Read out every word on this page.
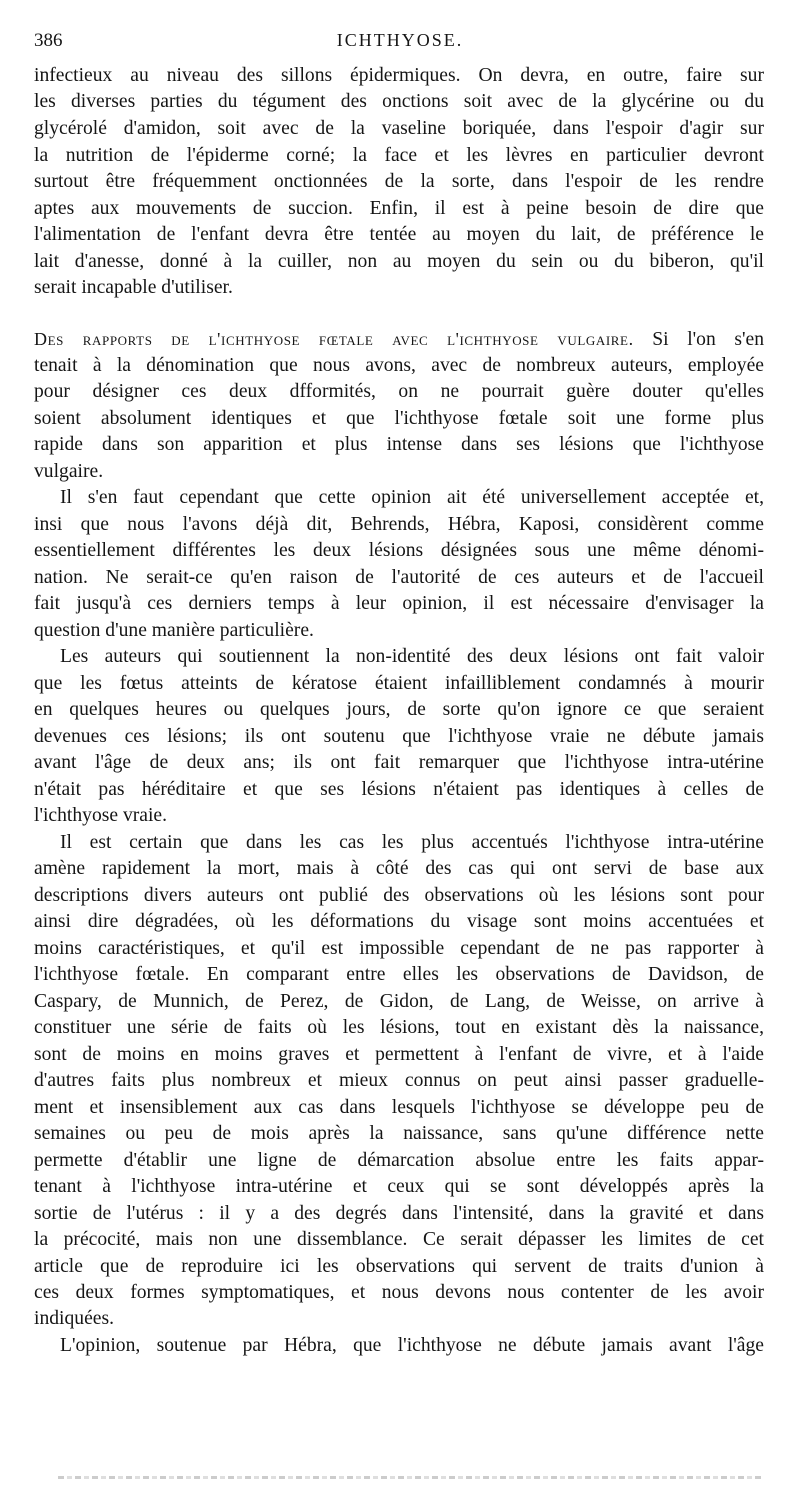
386	ICHTHYOSE.
infectieux au niveau des sillons épidermiques. On devra, en outre, faire sur
les diverses parties du tégument des onctions soit avec de la glycérine ou du
glycérolé d'amidon, soit avec de la vaseline boriquée, dans l'espoir d'agir sur
la nutrition de l'épiderme corné; la face et les lèvres en particulier devront
surtout être fréquemment onctionnées de la sorte, dans l'espoir de les rendre
aptes aux mouvements de succion. Enfin, il est à peine besoin de dire que
l'alimentation de l'enfant devra être tentée au moyen du lait, de préférence le
lait d'anesse, donné à la cuiller, non au moyen du sein ou du biberon, qu'il
serait incapable d'utiliser.
Des rapports de l'ichthyose fœtale avec l'ichthyose vulgaire. Si l'on s'en
tenait à la dénomination que nous avons, avec de nombreux auteurs, employée
pour désigner ces deux dfformités, on ne pourrait guère douter qu'elles
soient absolument identiques et que l'ichthyose fœtale soit une forme plus
rapide dans son apparition et plus intense dans ses lésions que l'ichthyose
vulgaire.
Il s'en faut cependant que cette opinion ait été universellement acceptée et,
insi que nous l'avons déjà dit, Behrends, Hébra, Kaposi, considèrent comme
essentiellement différentes les deux lésions désignées sous une même dénomi-
nation. Ne serait-ce qu'en raison de l'autorité de ces auteurs et de l'accueil
fait jusqu'à ces derniers temps à leur opinion, il est nécessaire d'envisager la
question d'une manière particulière.
Les auteurs qui soutiennent la non-identité des deux lésions ont fait valoir
que les fœtus atteints de kératose étaient infailliblement condamnés à mourir
en quelques heures ou quelques jours, de sorte qu'on ignore ce que seraient
devenues ces lésions; ils ont soutenu que l'ichthyose vraie ne débute jamais
avant l'âge de deux ans; ils ont fait remarquer que l'ichthyose intra-utérine
n'était pas héréditaire et que ses lésions n'étaient pas identiques à celles de
l'ichthyose vraie.
Il est certain que dans les cas les plus accentués l'ichthyose intra-utérine
amène rapidement la mort, mais à côté des cas qui ont servi de base aux
descriptions divers auteurs ont publié des observations où les lésions sont pour
ainsi dire dégradées, où les déformations du visage sont moins accentuées et
moins caractéristiques, et qu'il est impossible cependant de ne pas rapporter à
l'ichthyose fœtale. En comparant entre elles les observations de Davidson, de
Caspary, de Munnich, de Perez, de Gidon, de Lang, de Weisse, on arrive à
constituer une série de faits où les lésions, tout en existant dès la naissance,
sont de moins en moins graves et permettent à l'enfant de vivre, et à l'aide
d'autres faits plus nombreux et mieux connus on peut ainsi passer graduelle-
ment et insensiblement aux cas dans lesquels l'ichthyose se développe peu de
semaines ou peu de mois après la naissance, sans qu'une différence nette
permette d'établir une ligne de démarcation absolue entre les faits appar-
tenant à l'ichthyose intra-utérine et ceux qui se sont développés après la
sortie de l'utérus : il y a des degrés dans l'intensité, dans la gravité et dans
la précocité, mais non une dissemblance. Ce serait dépasser les limites de cet
article que de reproduire ici les observations qui servent de traits d'union à
ces deux formes symptomatiques, et nous devons nous contenter de les avoir
indiquées.
L'opinion, soutenue par Hébra, que l'ichthyose ne débute jamais avant l'âge
